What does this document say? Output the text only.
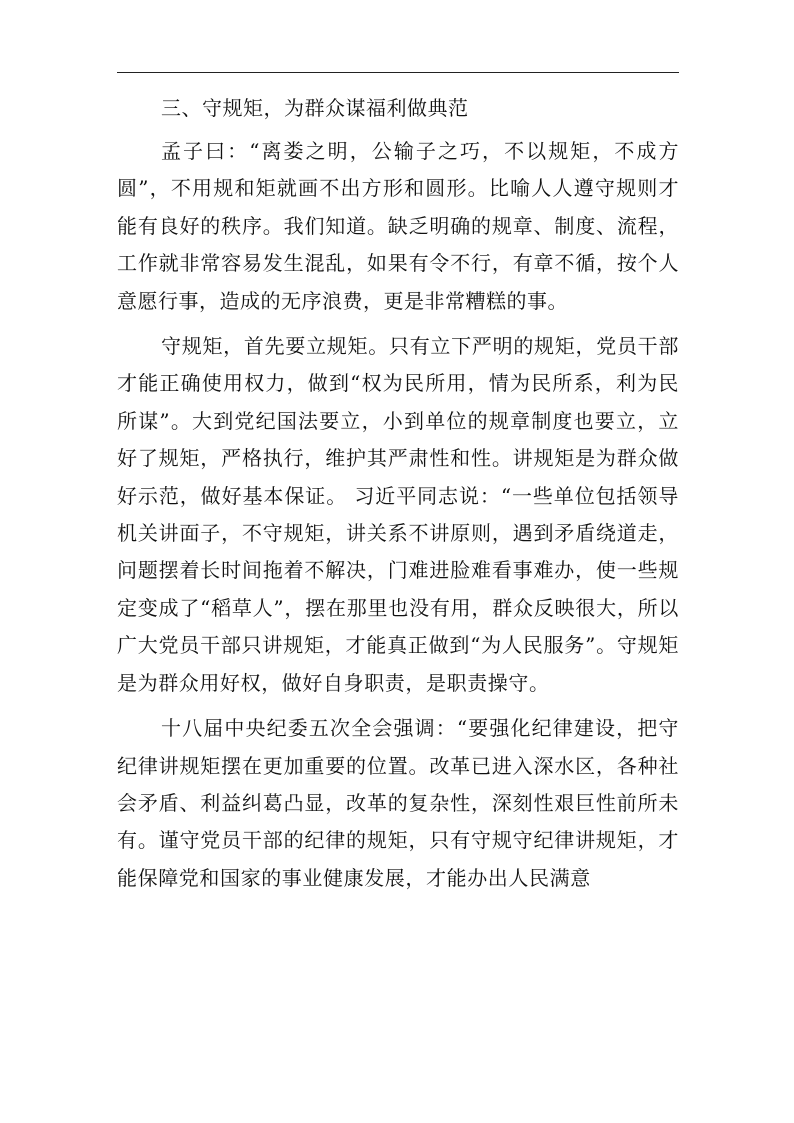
三、守规矩，为群众谋福利做典范

孟子曰：“离娄之明，公输子之巧，不以规矩，不成方圆”，不用规和矩就画不出方形和圆形。比喻人人遵守规则才能有良好的秩序。我们知道。缺乏明确的规章、制度、流程，工作就非常容易发生混乱，如果有令不行，有章不循，按个人意愿行事，造成的无序浪费，更是非常糟糕的事。

守规矩，首先要立规矩。只有立下严明的规矩，党员干部才能正确使用权力，做到“权为民所用，情为民所系，利为民所谋”。大到党纪国法要立，小到单位的规章制度也要立，立好了规矩，严格执行，维护其严肃性和性。讲规矩是为群众做好示范，做好基本保证。 习近平同志说：“一些单位包括领导机关讲面子，不守规矩，讲关系不讲原则，遇到矛盾绕道走，问题摆着长时间拖着不解决，门难进脸难看事难办，使一些规定变成了“稻草人”，摆在那里也没有用，群众反映很大，所以广大党员干部只讲规矩，才能真正做到“为人民服务”。守规矩是为群众用好权，做好自身职责，是职责操守。

十八届中央纪委五次全会强调：“要强化纪律建设，把守纪律讲规矩摆在更加重要的位置。改革已进入深水区，各种社会矛盾、利益纠葛凸显，改革的复杂性，深刻性艰巨性前所未有。谨守党员干部的纪律的规矩，只有守规守纪律讲规矩，才能保障党和国家的事业健康发展，才能办出人民满意
